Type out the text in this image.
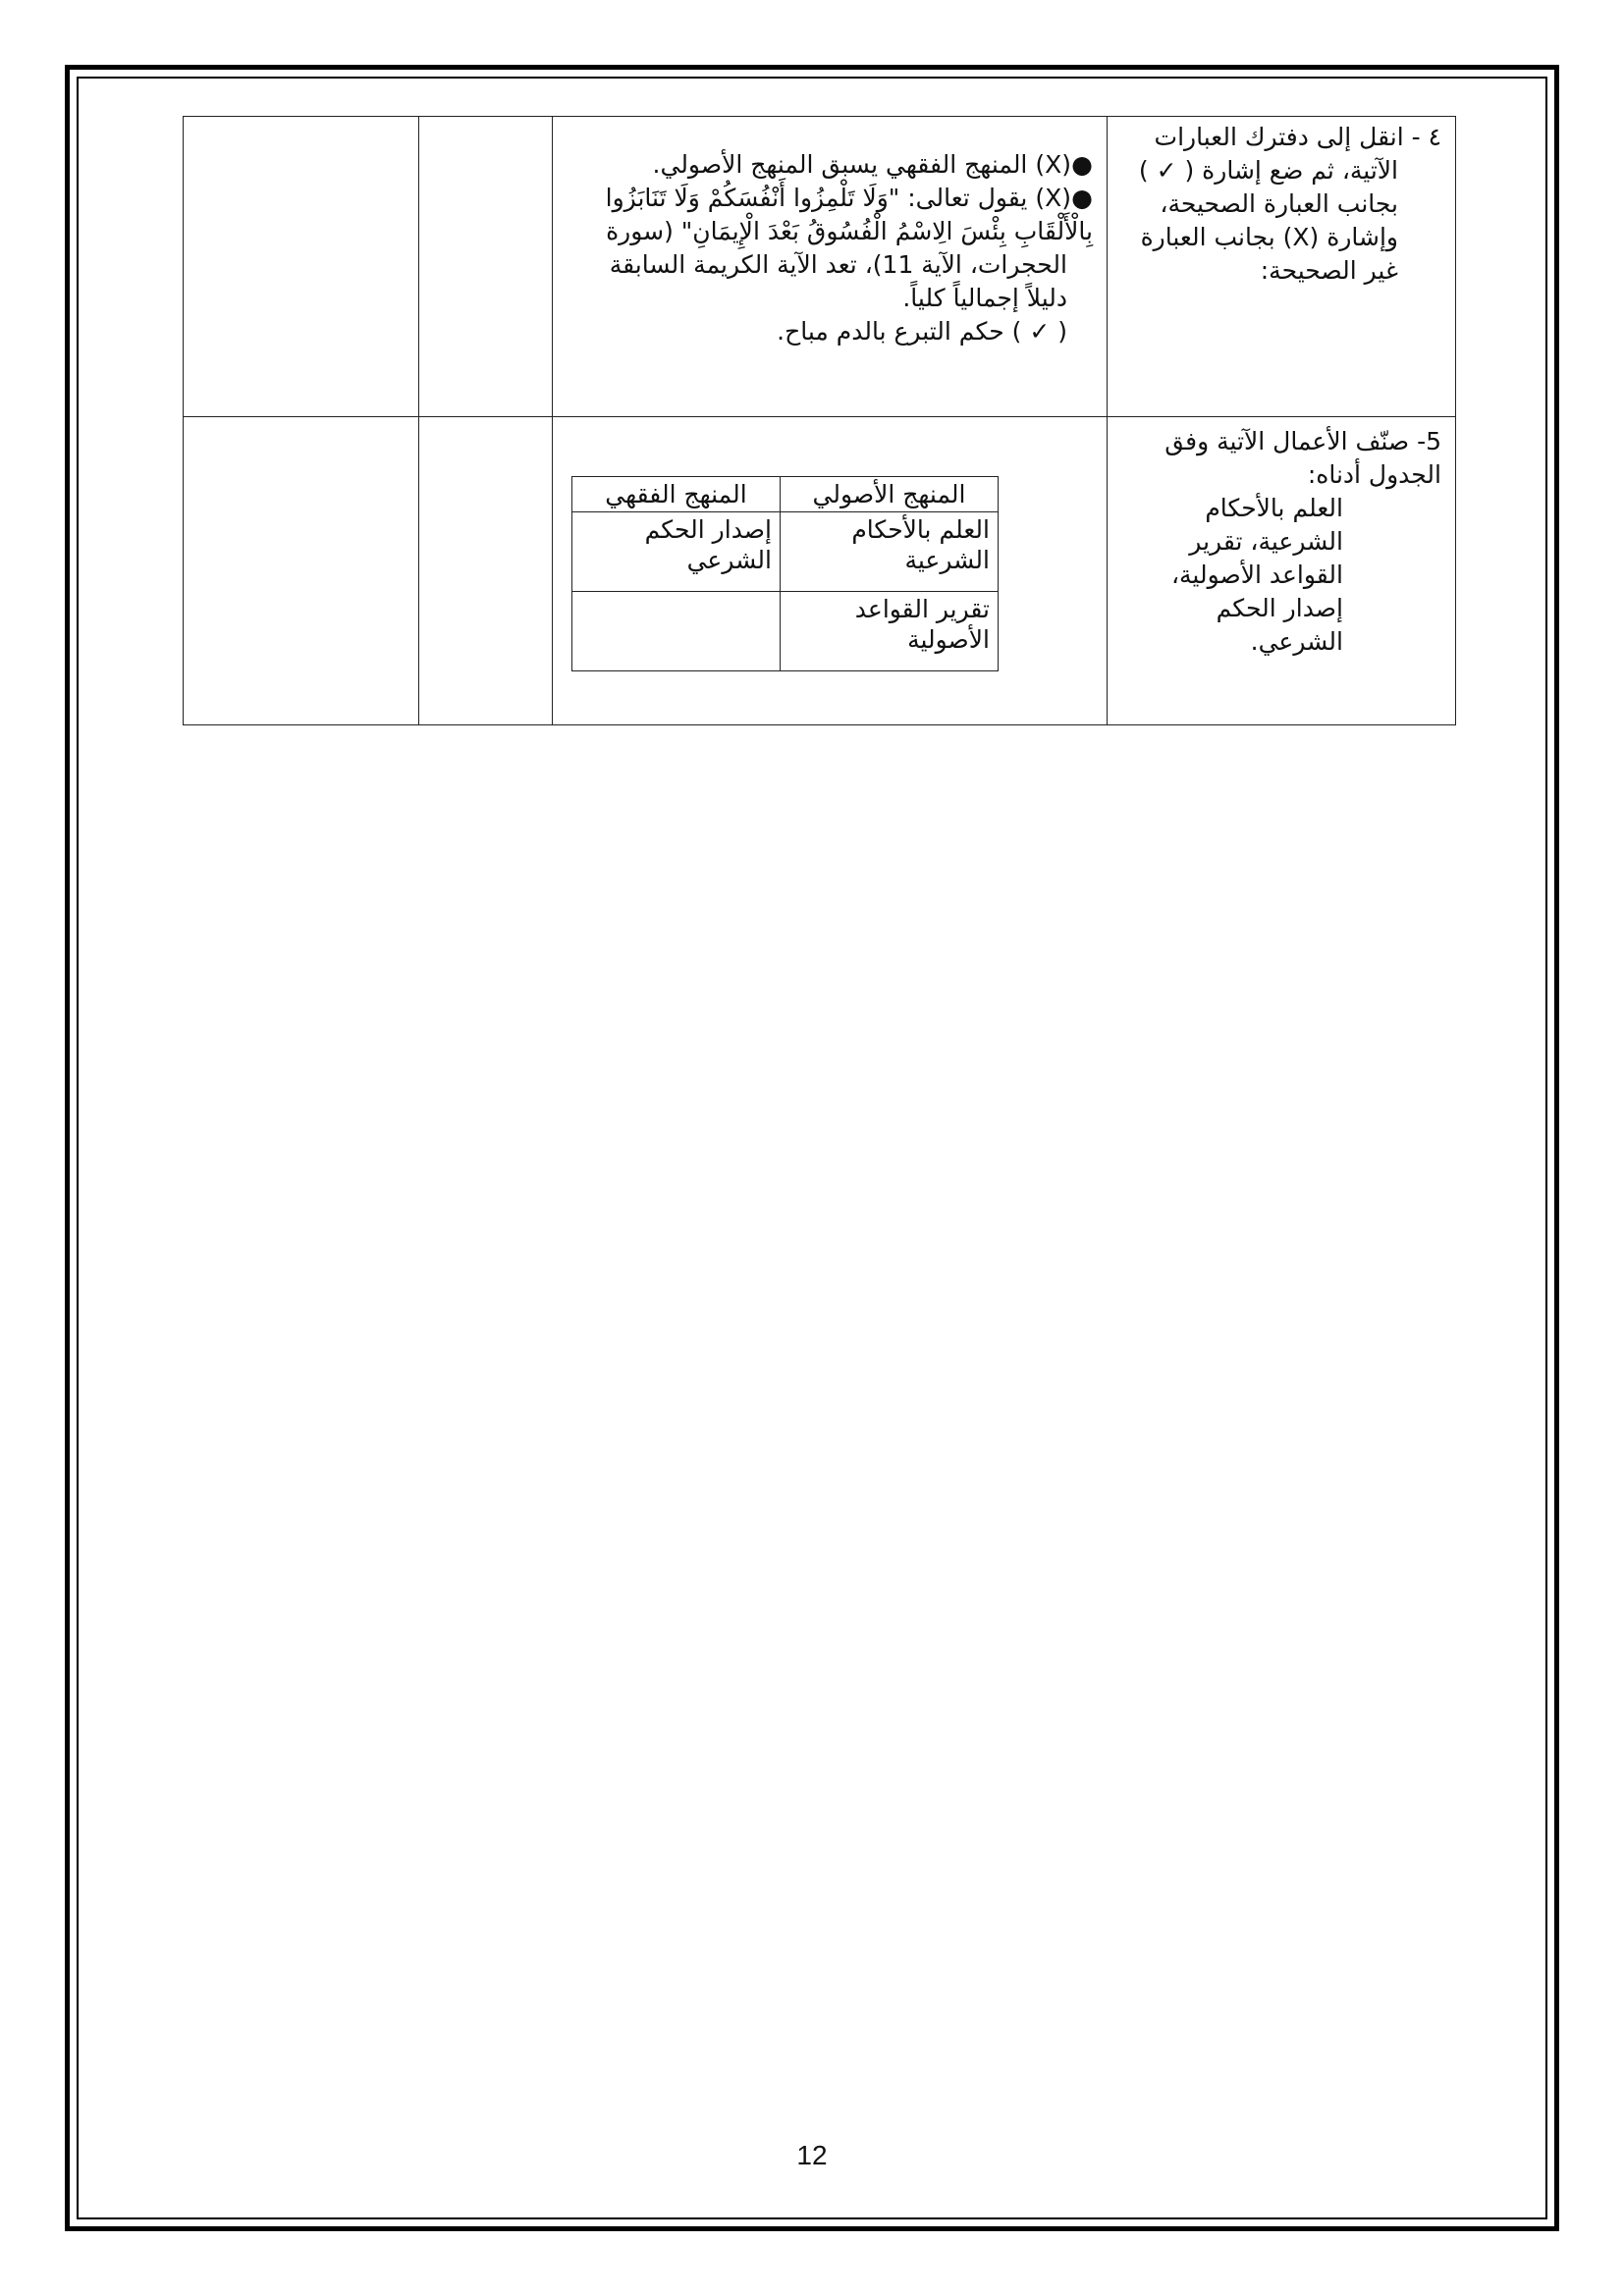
٤ - انقل إلى دفترك العبارات
الآتية، ثم ضع إشارة ( ✓ )
بجانب العبارة الصحيحة،
وإشارة (X) بجانب العبارة
غير الصحيحة:

●(X) المنهج الفقهي يسبق المنهج الأصولي.
●(X) يقول تعالى: "وَلَا تَلْمِزُوا أَنْفُسَكُمْ وَلَا تَنَابَزُوا
بِالْأَلْقَابِ بِئْسَ الِاسْمُ الْفُسُوقُ بَعْدَ الْإِيمَانِ" (سورة
الحجرات، الآية 11)، تعد الآية الكريمة السابقة
دليلاً إجمالياً كلياً.
( ✓ ) حكم التبرع بالدم مباح.

5- صنّف الأعمال الآتية وفق
الجدول أدناه:
العلم بالأحكام
الشرعية، تقرير
القواعد الأصولية،
إصدار الحكم
الشرعي.

المنهج الأصولي	المنهج الفقهي
العلم بالأحكام الشرعية	إصدار الحكم الشرعي
تقرير القواعد الأصولية	

12
